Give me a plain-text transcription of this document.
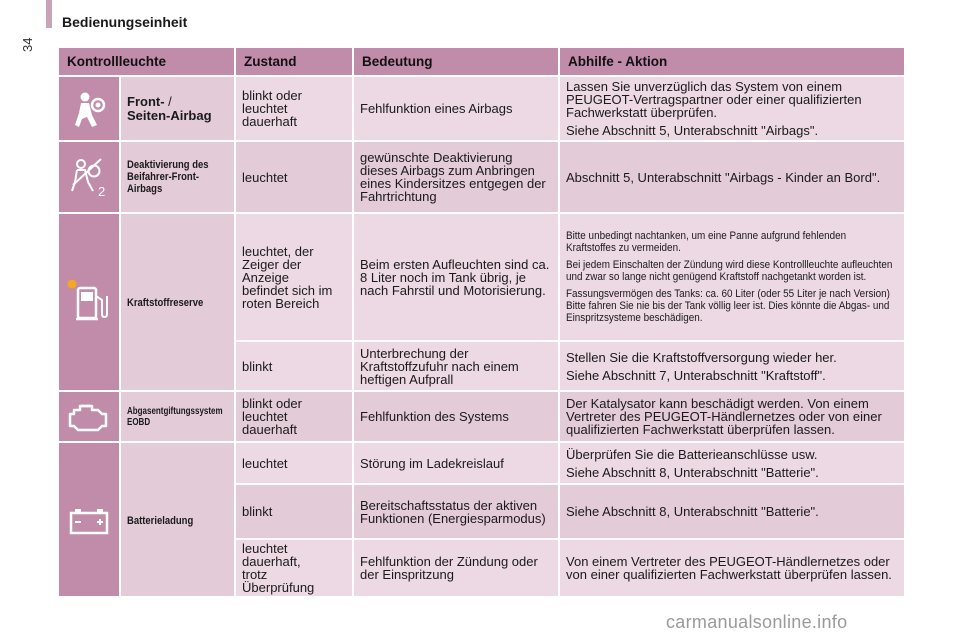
Bedienungseinheit
34
Kontrollleuchte		Zustand	Bedeutung	Abhilfe - Aktion

	Front- /
Seiten-Airbag	blinkt oder leuchtet dauerhaft	Fehlfunktion eines Airbags	Lassen Sie unverzüglich das System von einem PEUGEOT-Vertragspartner oder einer qualifizierten Fachwerkstatt überprüfen.
Siehe Abschnitt 5, Unterabschnitt "Airbags".

2	Deaktivierung des Beifahrer-Front-Airbags	leuchtet	gewünschte Deaktivierung dieses Airbags zum Anbringen eines Kindersitzes entgegen der Fahrtrichtung	Abschnitt 5, Unterabschnitt "Airbags - Kinder an Bord".

	Kraftstoffreserve	leuchtet, der Zeiger der Anzeige befindet sich im roten Bereich	Beim ersten Aufleuchten sind ca. 8 Liter noch im Tank übrig, je nach Fahrstil und Motorisierung.	Bitte unbedingt nachtanken, um eine Panne aufgrund fehlenden Kraftstoffes zu vermeiden.
Bei jedem Einschalten der Zündung wird diese Kontrollleuchte aufleuchten und zwar so lange nicht genügend Kraftstoff nachgetankt worden ist.
Fassungsvermögen des Tanks: ca. 60 Liter (oder 55 Liter je nach Version) Bitte fahren Sie nie bis der Tank völlig leer ist. Dies könnte die Abgas- und Einspritzsysteme beschädigen.

		blinkt	Unterbrechung der Kraftstoffzufuhr nach einem heftigen Aufprall	Stellen Sie die Kraftstoffversorgung wieder her.
Siehe Abschnitt 7, Unterabschnitt "Kraftstoff".

	Abgasentgiftungssystem EOBD	blinkt oder leuchtet dauerhaft	Fehlfunktion des Systems	Der Katalysator kann beschädigt werden. Von einem Vertreter des PEUGEOT-Händlernetzes oder von einer qualifizierten Fachwerkstatt überprüfen lassen.

	Batterieladung	leuchtet	Störung im Ladekreislauf	Überprüfen Sie die Batterieanschlüsse usw.
Siehe Abschnitt 8, Unterabschnitt "Batterie".

		blinkt	Bereitschaftsstatus der aktiven Funktionen (Energiesparmodus)	Siehe Abschnitt 8, Unterabschnitt "Batterie".
		leuchtet dauerhaft, trotz Überprüfung	Fehlfunktion der Zündung oder der Einspritzung	Von einem Vertreter des PEUGEOT-Händlernetzes oder von einer qualifizierten Fachwerkstatt überprüfen lassen.
carmanualsonline.info
